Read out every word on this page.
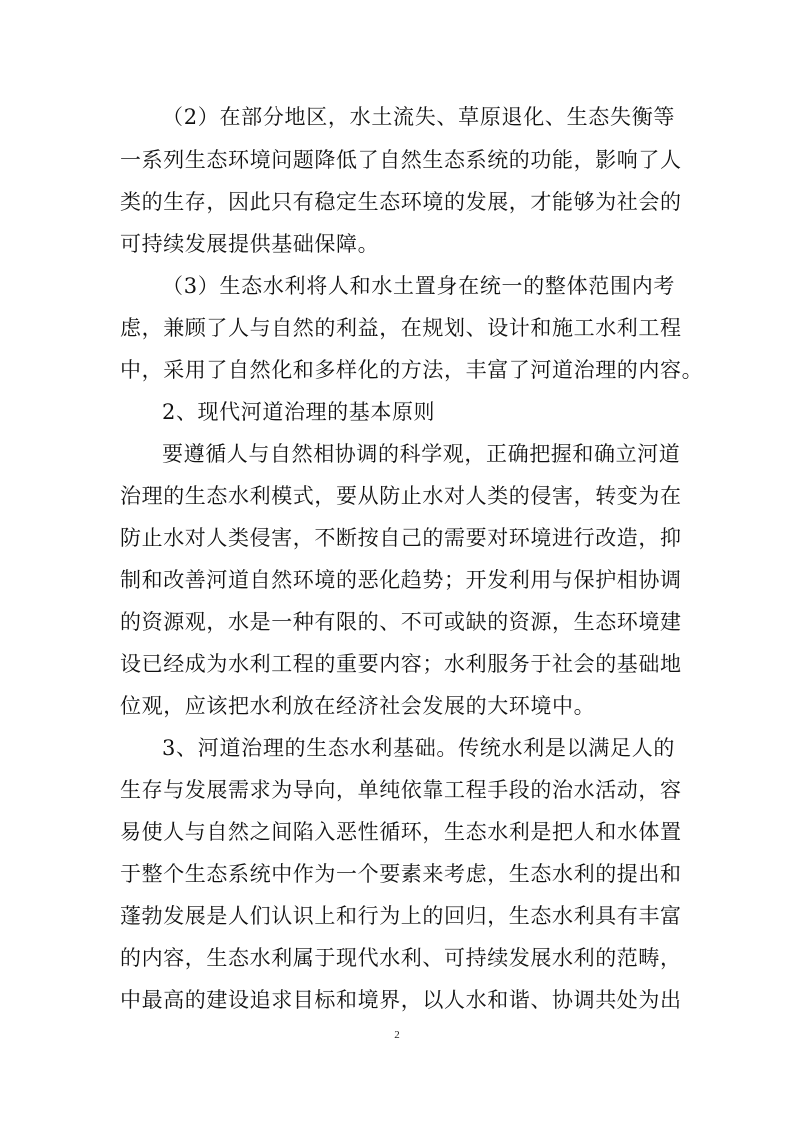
（2）在部分地区，水土流失、草原退化、生态失衡等
一系列生态环境问题降低了自然生态系统的功能，影响了人
类的生存，因此只有稳定生态环境的发展，才能够为社会的
可持续发展提供基础保障。
（3）生态水利将人和水土置身在统一的整体范围内考
虑，兼顾了人与自然的利益，在规划、设计和施工水利工程
中，采用了自然化和多样化的方法，丰富了河道治理的内容。
2、现代河道治理的基本原则
要遵循人与自然相协调的科学观，正确把握和确立河道
治理的生态水利模式，要从防止水对人类的侵害，转变为在
防止水对人类侵害，不断按自己的需要对环境进行改造，抑
制和改善河道自然环境的恶化趋势；开发利用与保护相协调
的资源观，水是一种有限的、不可或缺的资源，生态环境建
设已经成为水利工程的重要内容；水利服务于社会的基础地
位观，应该把水利放在经济社会发展的大环境中。
3、河道治理的生态水利基础。传统水利是以满足人的
生存与发展需求为导向，单纯依靠工程手段的治水活动，容
易使人与自然之间陷入恶性循环，生态水利是把人和水体置
于整个生态系统中作为一个要素来考虑，生态水利的提出和
蓬勃发展是人们认识上和行为上的回归，生态水利具有丰富
的内容，生态水利属于现代水利、可持续发展水利的范畴，
中最高的建设追求目标和境界，以人水和谐、协调共处为出
2
